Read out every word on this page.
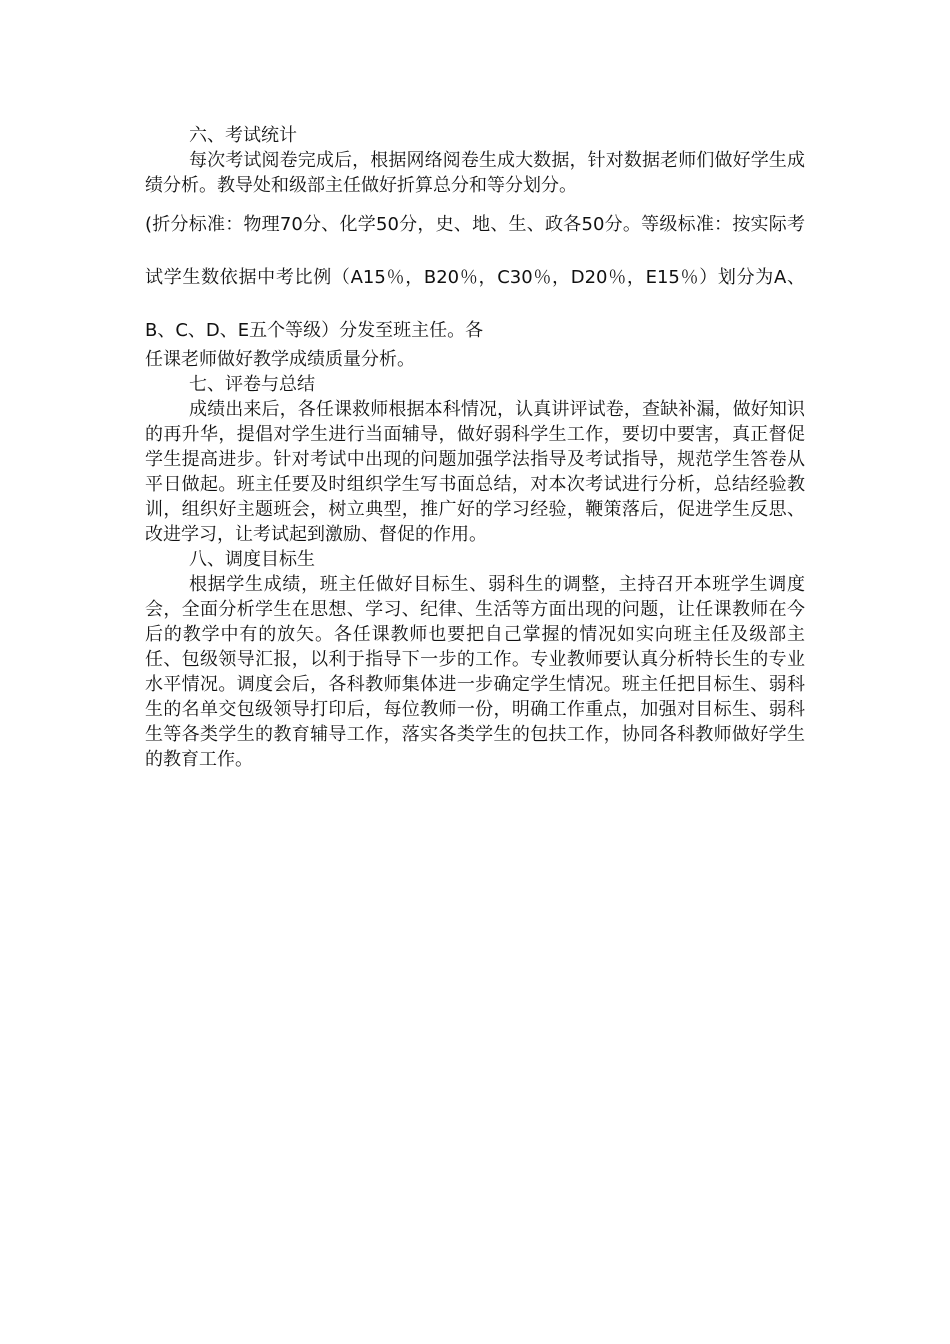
六、考试统计

每次考试阅卷完成后，根据网络阅卷生成大数据，针对数据老师们做好学生成绩分析。教导处和级部主任做好折算总分和等分划分。

(折分标准：物理70分、化学50分，史、地、生、政各50分。等级标准：按实际考试学生数依据中考比例（A15％，B20％，C30％，D20％，E15％）划分为A、B、C、D、E五个等级）分发至班主任。各

任课老师做好教学成绩质量分析。

七、评卷与总结

成绩出来后，各任课救师根据本科情况，认真讲评试卷，查缺补漏，做好知识的再升华，提倡对学生进行当面辅导，做好弱科学生工作，要切中要害，真正督促学生提高进步。针对考试中出现的问题加强学法指导及考试指导，规范学生答卷从平日做起。班主任要及时组织学生写书面总结，对本次考试进行分析，总结经验教训，组织好主题班会，树立典型，推广好的学习经验，鞭策落后，促进学生反思、改进学习，让考试起到激励、督促的作用。

八、调度目标生

根据学生成绩，班主任做好目标生、弱科生的调整，主持召开本班学生调度会，全面分析学生在思想、学习、纪律、生活等方面出现的问题，让任课教师在今后的教学中有的放矢。各任课教师也要把自己掌握的情况如实向班主任及级部主任、包级领导汇报，以利于指导下一步的工作。专业教师要认真分析特长生的专业水平情况。调度会后，各科教师集体进一步确定学生情况。班主任把目标生、弱科生的名单交包级领导打印后，每位教师一份，明确工作重点，加强对目标生、弱科生等各类学生的教育辅导工作，落实各类学生的包扶工作，协同各科教师做好学生的教育工作。
